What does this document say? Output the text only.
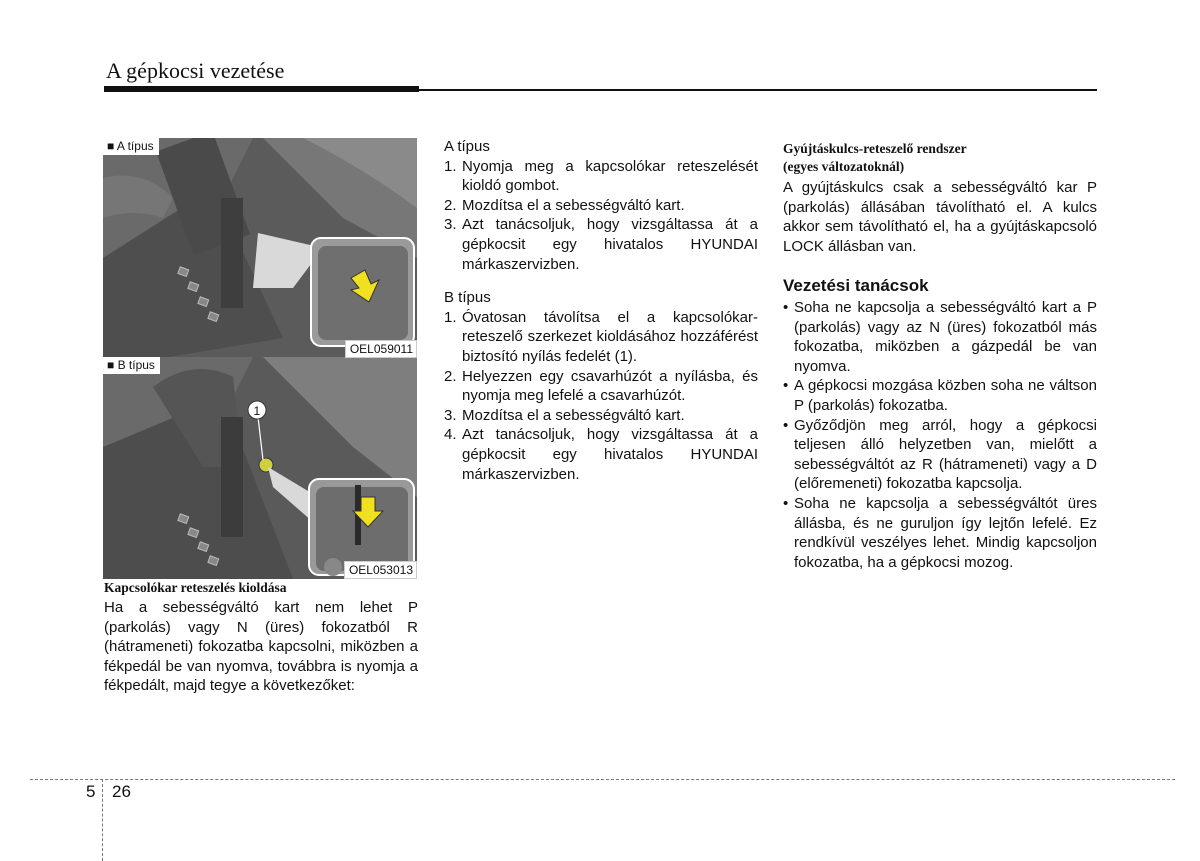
A gépkocsi vezetése
■ A típus
OEL059011
1
■ B típus
OEL053013

Kapcsolókar reteszelés kioldása

Ha a sebességváltó kart nem lehet P (parkolás) vagy N (üres) fokozatból R (hátrameneti) fokozatba kapcsolni, miközben a fékpedál be van nyomva, továbbra is nyomja a fékpedált, majd tegye a következőket:

A típus

1. Nyomja meg a kapcsolókar reteszelését kioldó gombot.
2. Mozdítsa el a sebességváltó kart.
3. Azt tanácsoljuk, hogy vizsgáltassa át a gépkocsit egy hivatalos HYUNDAI márkaszervizben.

B típus

1. Óvatosan távolítsa el a kapcsolókar-reteszelő szerkezet kioldásához hozzáférést biztosító nyílás fedelét (1).
2. Helyezzen egy csavarhúzót a nyílásba, és nyomja meg lefelé a csavarhúzót.
3. Mozdítsa el a sebességváltó kart.
4. Azt tanácsoljuk, hogy vizsgáltassa át a gépkocsit egy hivatalos HYUNDAI márkaszervizben.

Gyújtáskulcs-reteszelő rendszer
(egyes változatoknál)

A gyújtáskulcs csak a sebességváltó kar P (parkolás) állásában távolítható el. A kulcs akkor sem távolítható el, ha a gyújtáskapcsoló LOCK állásban van.

Vezetési tanácsok

• Soha ne kapcsolja a sebességváltó kart a P (parkolás) vagy az N (üres) fokozatból más fokozatba, miközben a gázpedál be van nyomva.
• A gépkocsi mozgása közben soha ne váltson P (parkolás) fokozatba.
• Győződjön meg arról, hogy a gépkocsi teljesen álló helyzetben van, mielőtt a sebességváltót az R (hátrameneti) vagy a D (előremeneti) fokozatba kapcsolja.
• Soha ne kapcsolja a sebességváltót üres állásba, és ne guruljon így lejtőn lefelé. Ez rendkívül veszélyes lehet. Mindig kapcsoljon fokozatba, ha a gépkocsi mozog.
5 26
